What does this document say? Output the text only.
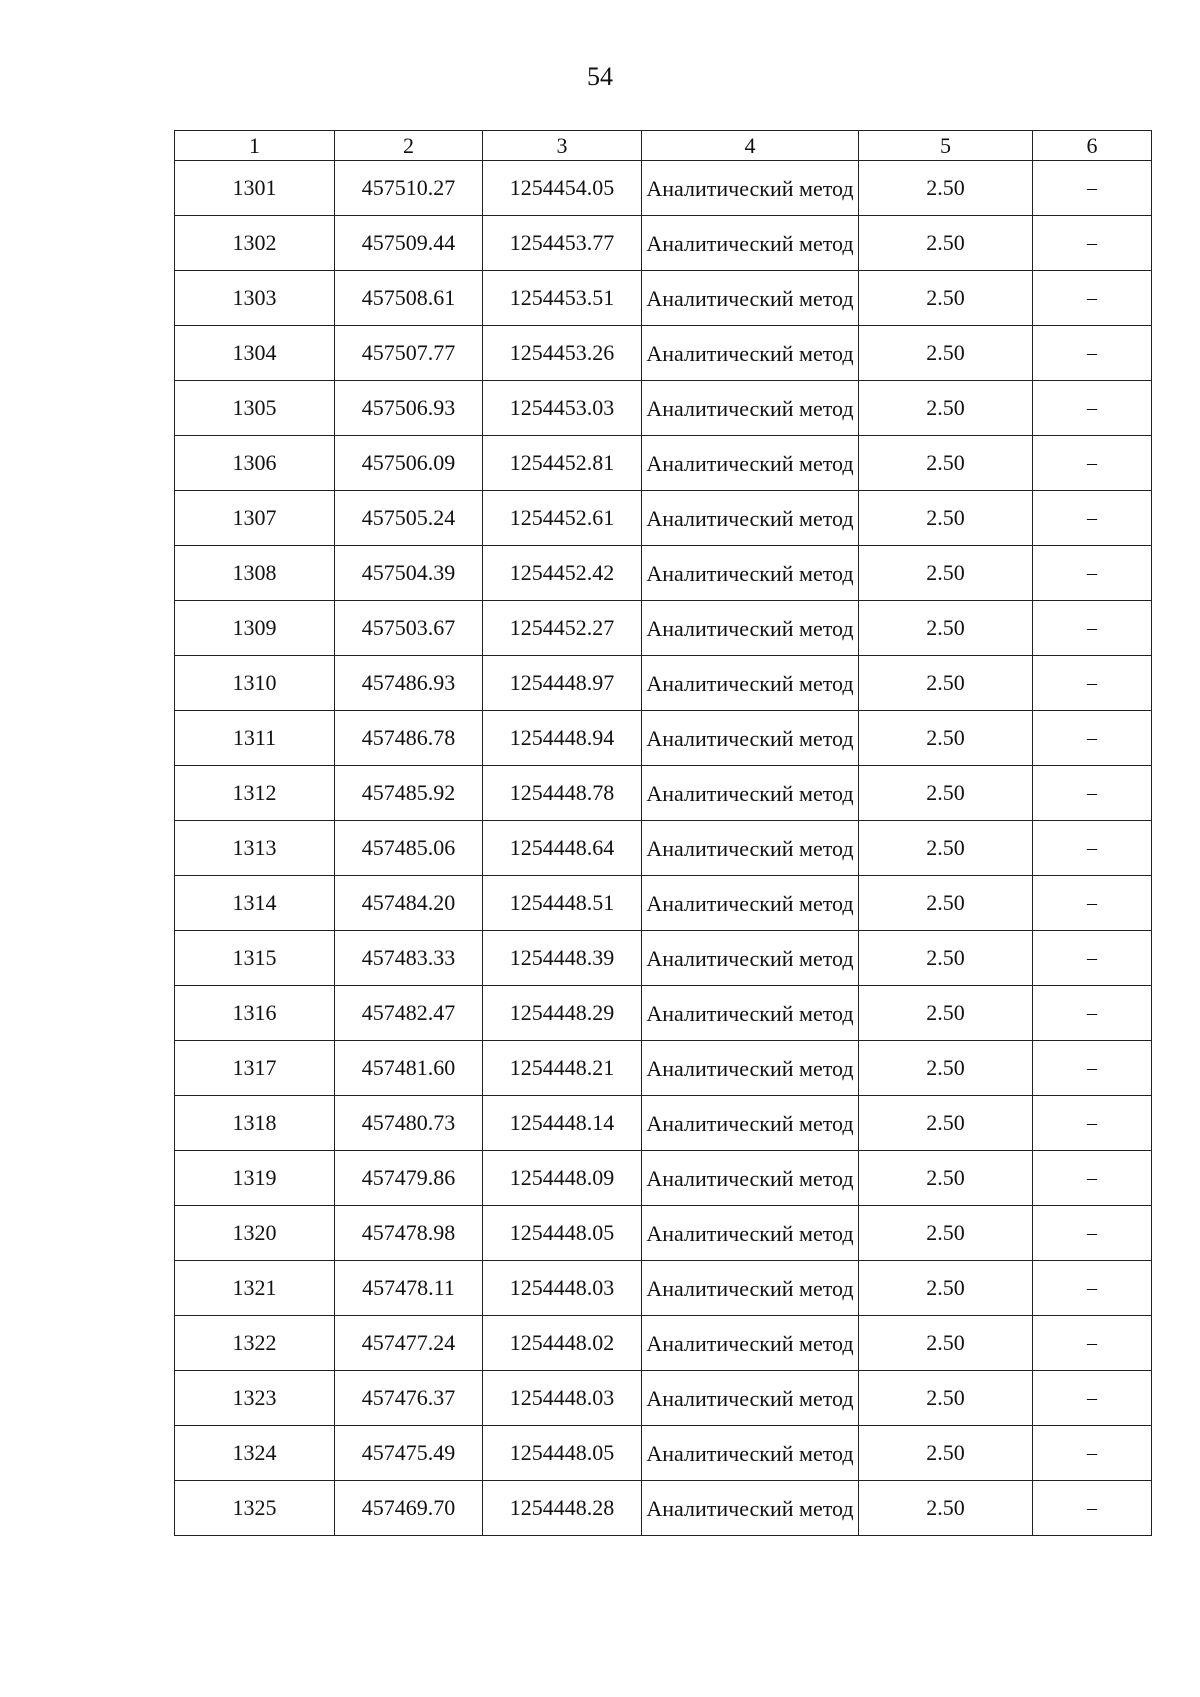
54
1	2	3	4	5	6
1301	457510.27	1254454.05	Аналитический метод	2.50	–
1302	457509.44	1254453.77	Аналитический метод	2.50	–
1303	457508.61	1254453.51	Аналитический метод	2.50	–
1304	457507.77	1254453.26	Аналитический метод	2.50	–
1305	457506.93	1254453.03	Аналитический метод	2.50	–
1306	457506.09	1254452.81	Аналитический метод	2.50	–
1307	457505.24	1254452.61	Аналитический метод	2.50	–
1308	457504.39	1254452.42	Аналитический метод	2.50	–
1309	457503.67	1254452.27	Аналитический метод	2.50	–
1310	457486.93	1254448.97	Аналитический метод	2.50	–
1311	457486.78	1254448.94	Аналитический метод	2.50	–
1312	457485.92	1254448.78	Аналитический метод	2.50	–
1313	457485.06	1254448.64	Аналитический метод	2.50	–
1314	457484.20	1254448.51	Аналитический метод	2.50	–
1315	457483.33	1254448.39	Аналитический метод	2.50	–
1316	457482.47	1254448.29	Аналитический метод	2.50	–
1317	457481.60	1254448.21	Аналитический метод	2.50	–
1318	457480.73	1254448.14	Аналитический метод	2.50	–
1319	457479.86	1254448.09	Аналитический метод	2.50	–
1320	457478.98	1254448.05	Аналитический метод	2.50	–
1321	457478.11	1254448.03	Аналитический метод	2.50	–
1322	457477.24	1254448.02	Аналитический метод	2.50	–
1323	457476.37	1254448.03	Аналитический метод	2.50	–
1324	457475.49	1254448.05	Аналитический метод	2.50	–
1325	457469.70	1254448.28	Аналитический метод	2.50	–
